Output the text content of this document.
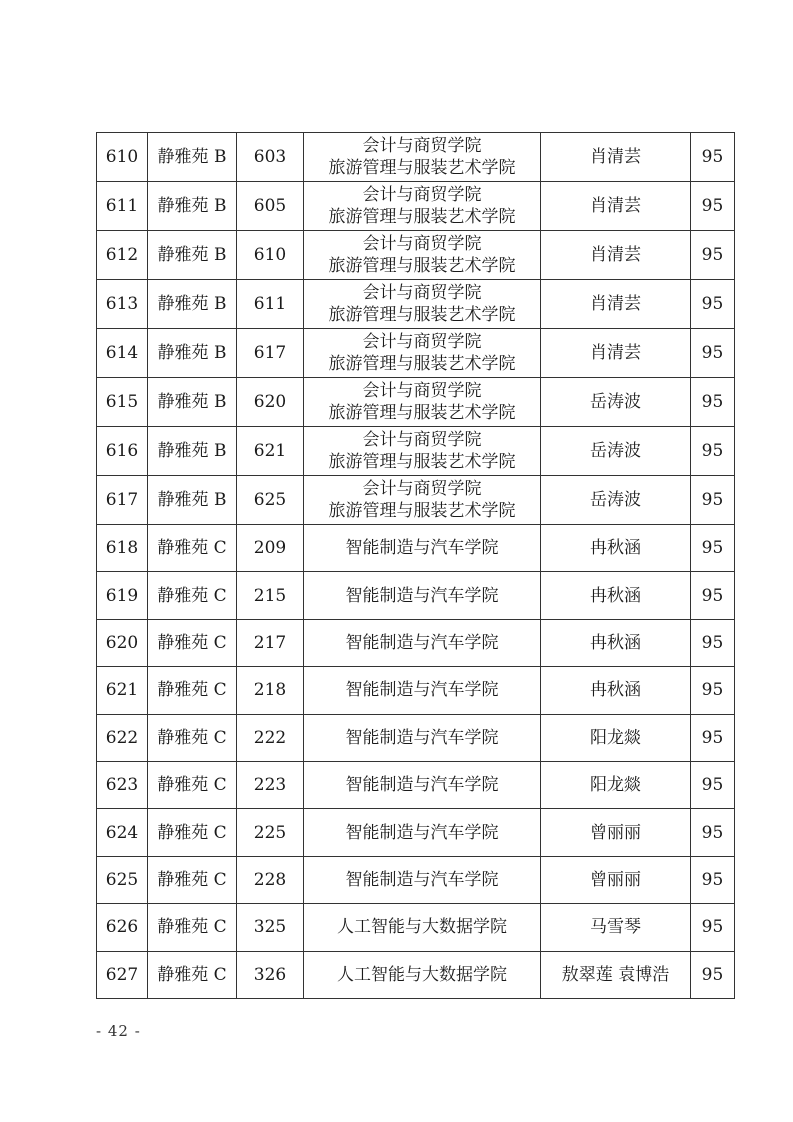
610	静雅苑 B	603	会计与商贸学院
旅游管理与服装艺术学院	肖清芸	95
611	静雅苑 B	605	会计与商贸学院
旅游管理与服装艺术学院	肖清芸	95
612	静雅苑 B	610	会计与商贸学院
旅游管理与服装艺术学院	肖清芸	95
613	静雅苑 B	611	会计与商贸学院
旅游管理与服装艺术学院	肖清芸	95
614	静雅苑 B	617	会计与商贸学院
旅游管理与服装艺术学院	肖清芸	95
615	静雅苑 B	620	会计与商贸学院
旅游管理与服装艺术学院	岳涛波	95
616	静雅苑 B	621	会计与商贸学院
旅游管理与服装艺术学院	岳涛波	95
617	静雅苑 B	625	会计与商贸学院
旅游管理与服装艺术学院	岳涛波	95
618	静雅苑 C	209	智能制造与汽车学院	冉秋涵	95
619	静雅苑 C	215	智能制造与汽车学院	冉秋涵	95
620	静雅苑 C	217	智能制造与汽车学院	冉秋涵	95
621	静雅苑 C	218	智能制造与汽车学院	冉秋涵	95
622	静雅苑 C	222	智能制造与汽车学院	阳龙燚	95
623	静雅苑 C	223	智能制造与汽车学院	阳龙燚	95
624	静雅苑 C	225	智能制造与汽车学院	曾丽丽	95
625	静雅苑 C	228	智能制造与汽车学院	曾丽丽	95
626	静雅苑 C	325	人工智能与大数据学院	马雪琴	95
627	静雅苑 C	326	人工智能与大数据学院	敖翠莲 袁博浩	95
- 42 -
